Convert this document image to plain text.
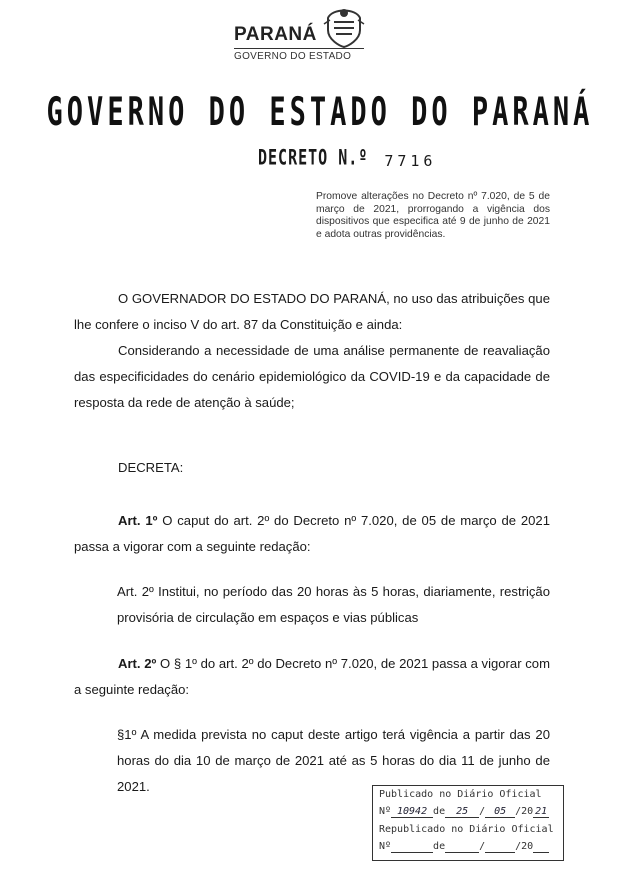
PARANÁ
GOVERNO DO ESTADO
GOVERNO DO ESTADO DO PARANÁ
DECRETO N.º 7716
Promove alterações no Decreto nº 7.020, de 5 de março de 2021, prorrogando a vigência dos dispositivos que especifica até 9 de junho de 2021 e adota outras providências.
O GOVERNADOR DO ESTADO DO PARANÁ, no uso das atribuições que lhe confere o inciso V do art. 87 da Constituição e ainda:
Considerando a necessidade de uma análise permanente de reavaliação das especificidades do cenário epidemiológico da COVID-19 e da capacidade de resposta da rede de atenção à saúde;
DECRETA:
Art. 1º O caput do art. 2º do Decreto nº 7.020, de 05 de março de 2021 passa a vigorar com a seguinte redação:
Art. 2º Institui, no período das 20 horas às 5 horas, diariamente, restrição provisória de circulação em espaços e vias públicas
Art. 2º O § 1º do art. 2º do Decreto nº 7.020, de 2021 passa a vigorar com a seguinte redação:
§1º A medida prevista no caput deste artigo terá vigência a partir das 20 horas do dia 10 de março de 2021 até as 5 horas do dia 11 de junho de 2021.
Publicado no Diário Oficial
Nº 10942 de 25 / 05 /20 21
Republicado no Diário Oficial
Nº	de	/	/20
